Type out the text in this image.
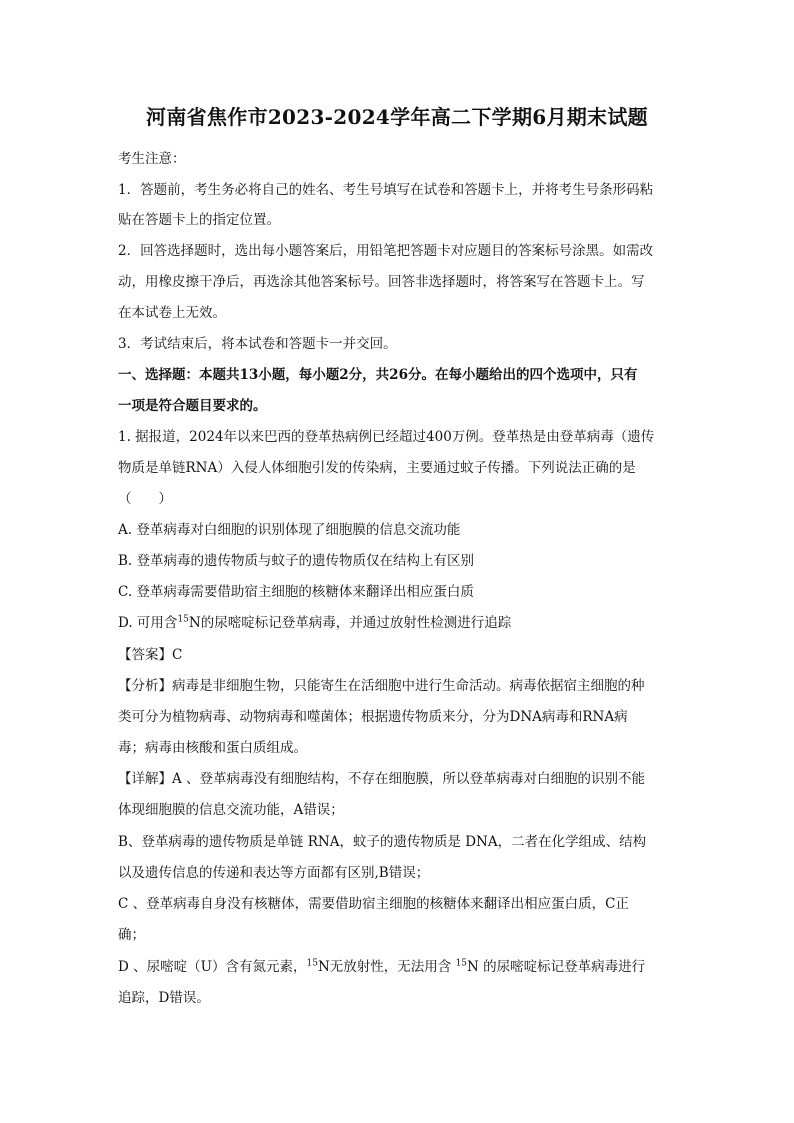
河南省焦作市2023-2024学年高二下学期6月期末试题
考生注意：
1．答题前，考生务必将自己的姓名、考生号填写在试卷和答题卡上，并将考生号条形码粘
贴在答题卡上的指定位置。
2．回答选择题时，选出每小题答案后，用铅笔把答题卡对应题目的答案标号涂黑。如需改
动，用橡皮擦干净后，再选涂其他答案标号。回答非选择题时，将答案写在答题卡上。写
在本试卷上无效。
3．考试结束后，将本试卷和答题卡一并交回。
一、选择题：本题共13小题，每小题2分，共26分。在每小题给出的四个选项中，只有
一项是符合题目要求的。
1. 据报道，2024年以来巴西的登革热病例已经超过400万例。登革热是由登革病毒（遗传
物质是单链RNA）入侵人体细胞引发的传染病，主要通过蚊子传播。下列说法正确的是
（　　）
A. 登革病毒对白细胞的识别体现了细胞膜的信息交流功能
B. 登革病毒的遗传物质与蚊子的遗传物质仅在结构上有区别
C. 登革病毒需要借助宿主细胞的核糖体来翻译出相应蛋白质
D. 可用含$^{15}$N的尿嘧啶标记登革病毒，并通过放射性检测进行追踪
【答案】C
【分析】病毒是非细胞生物，只能寄生在活细胞中进行生命活动。病毒依据宿主细胞的种
类可分为植物病毒、动物病毒和噬菌体；根据遗传物质来分，分为DNA病毒和RNA病
毒；病毒由核酸和蛋白质组成。
【详解】A 、登革病毒没有细胞结构，不存在细胞膜，所以登革病毒对白细胞的识别不能
体现细胞膜的信息交流功能，A错误；
B、登革病毒的遗传物质是单链 RNA，蚊子的遗传物质是 DNA，二者在化学组成、结构
以及遗传信息的传递和表达等方面都有区别,B错误；
C 、登革病毒自身没有核糖体，需要借助宿主细胞的核糖体来翻译出相应蛋白质，C正
确；
D 、尿嘧啶（U）含有氮元素，$^{15}$N无放射性，无法用含 $^{15}$N 的尿嘧啶标记登革病毒进行
追踪，D错误。
